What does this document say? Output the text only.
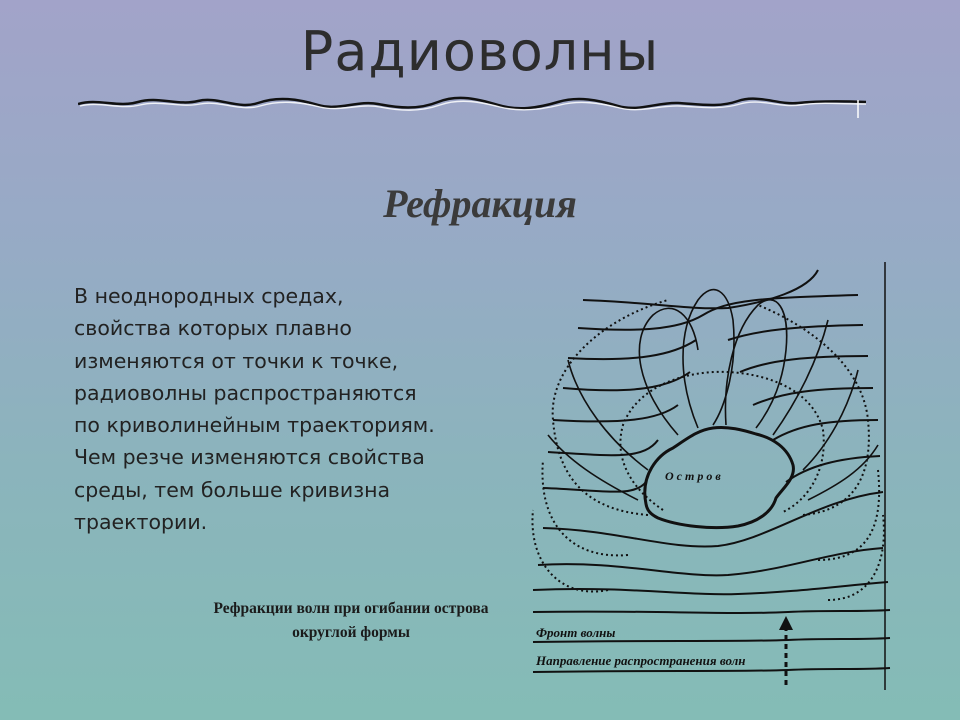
Радиоволны
Рефракция
В неоднородных средах,
свойства которых плавно
изменяются от точки к точке,
радиоволны распространяются
по криволинейным траекториям.
Чем резче изменяются свойства
среды, тем больше кривизна
траектории.
Рефракции волн при огибании острова
округлой формы
Остров
Фронт волны
Направление распространения волн
